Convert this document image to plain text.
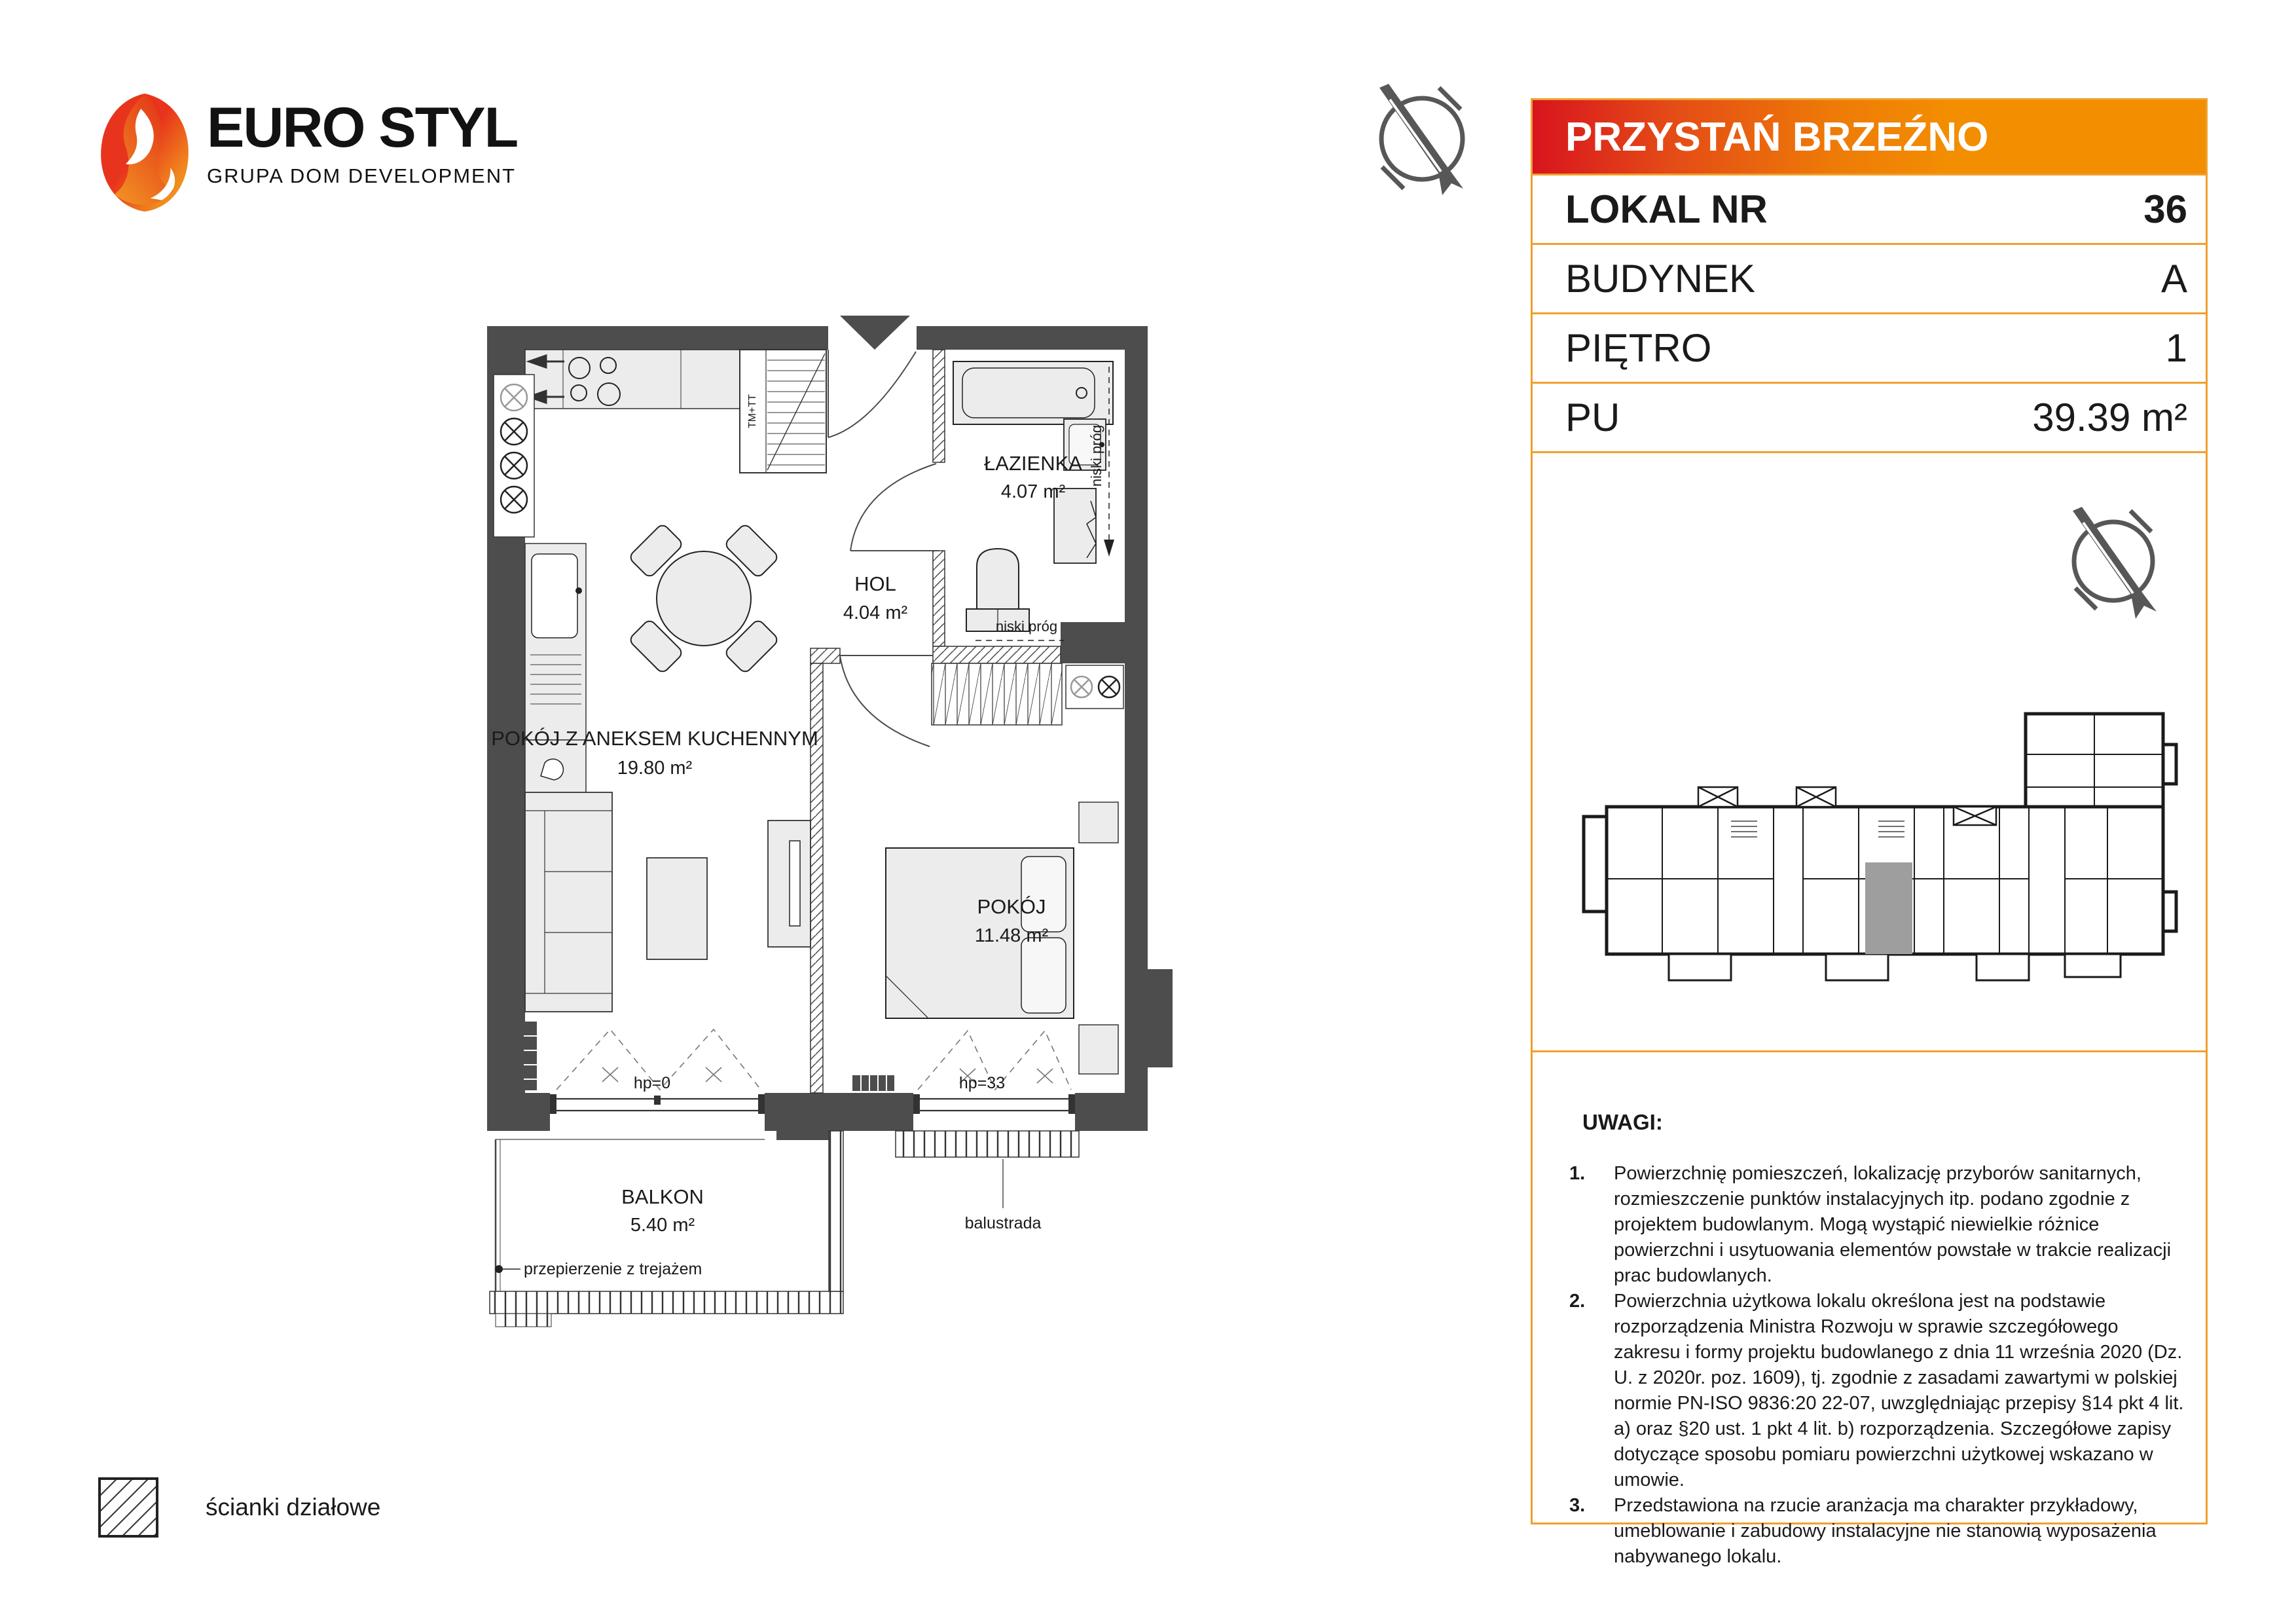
EURO STYL
GRUPA DOM DEVELOPMENT
TM+TT
POKÓJ Z ANEKSEM KUCHENNYM
19.80 m²
HOL
4.04 m²
ŁAZIENKA
4.07 m²
POKÓJ
11.48 m²
BALKON
5.40 m²
hp=0	hp=33
balustrada
przepierzenie z trejażem
niski próg
niski próg
PRZYSTAŃ BRZEŹNO
LOKAL NR	36
BUDYNEK	A
PIĘTRO	1
PU	39.39 m²
UWAGI:
1.	Powierzchnię pomieszczeń, lokalizację przyborów sanitarnych, rozmieszczenie punktów instalacyjnych itp. podano zgodnie z projektem budowlanym. Mogą wystąpić niewielkie różnice powierzchni i usytuowania elementów powstałe w trakcie realizacji prac budowlanych.
2.	Powierzchnia użytkowa lokalu określona jest na podstawie rozporządzenia Ministra Rozwoju w sprawie szczegółowego zakresu i formy projektu budowlanego z dnia 11 września 2020 (Dz. U. z 2020r. poz. 1609), tj. zgodnie z zasadami zawartymi w polskiej normie PN-ISO 9836:20 22-07, uwzględniając przepisy §14 pkt 4 lit. a) oraz §20 ust. 1 pkt 4 lit. b) rozporządzenia. Szczegółowe zapisy dotyczące sposobu pomiaru powierzchni użytkowej wskazano w umowie.
3.	Przedstawiona na rzucie aranżacja ma charakter przykładowy, umeblowanie i zabudowy instalacyjne nie stanowią wyposażenia nabywanego lokalu.
ścianki działowe
